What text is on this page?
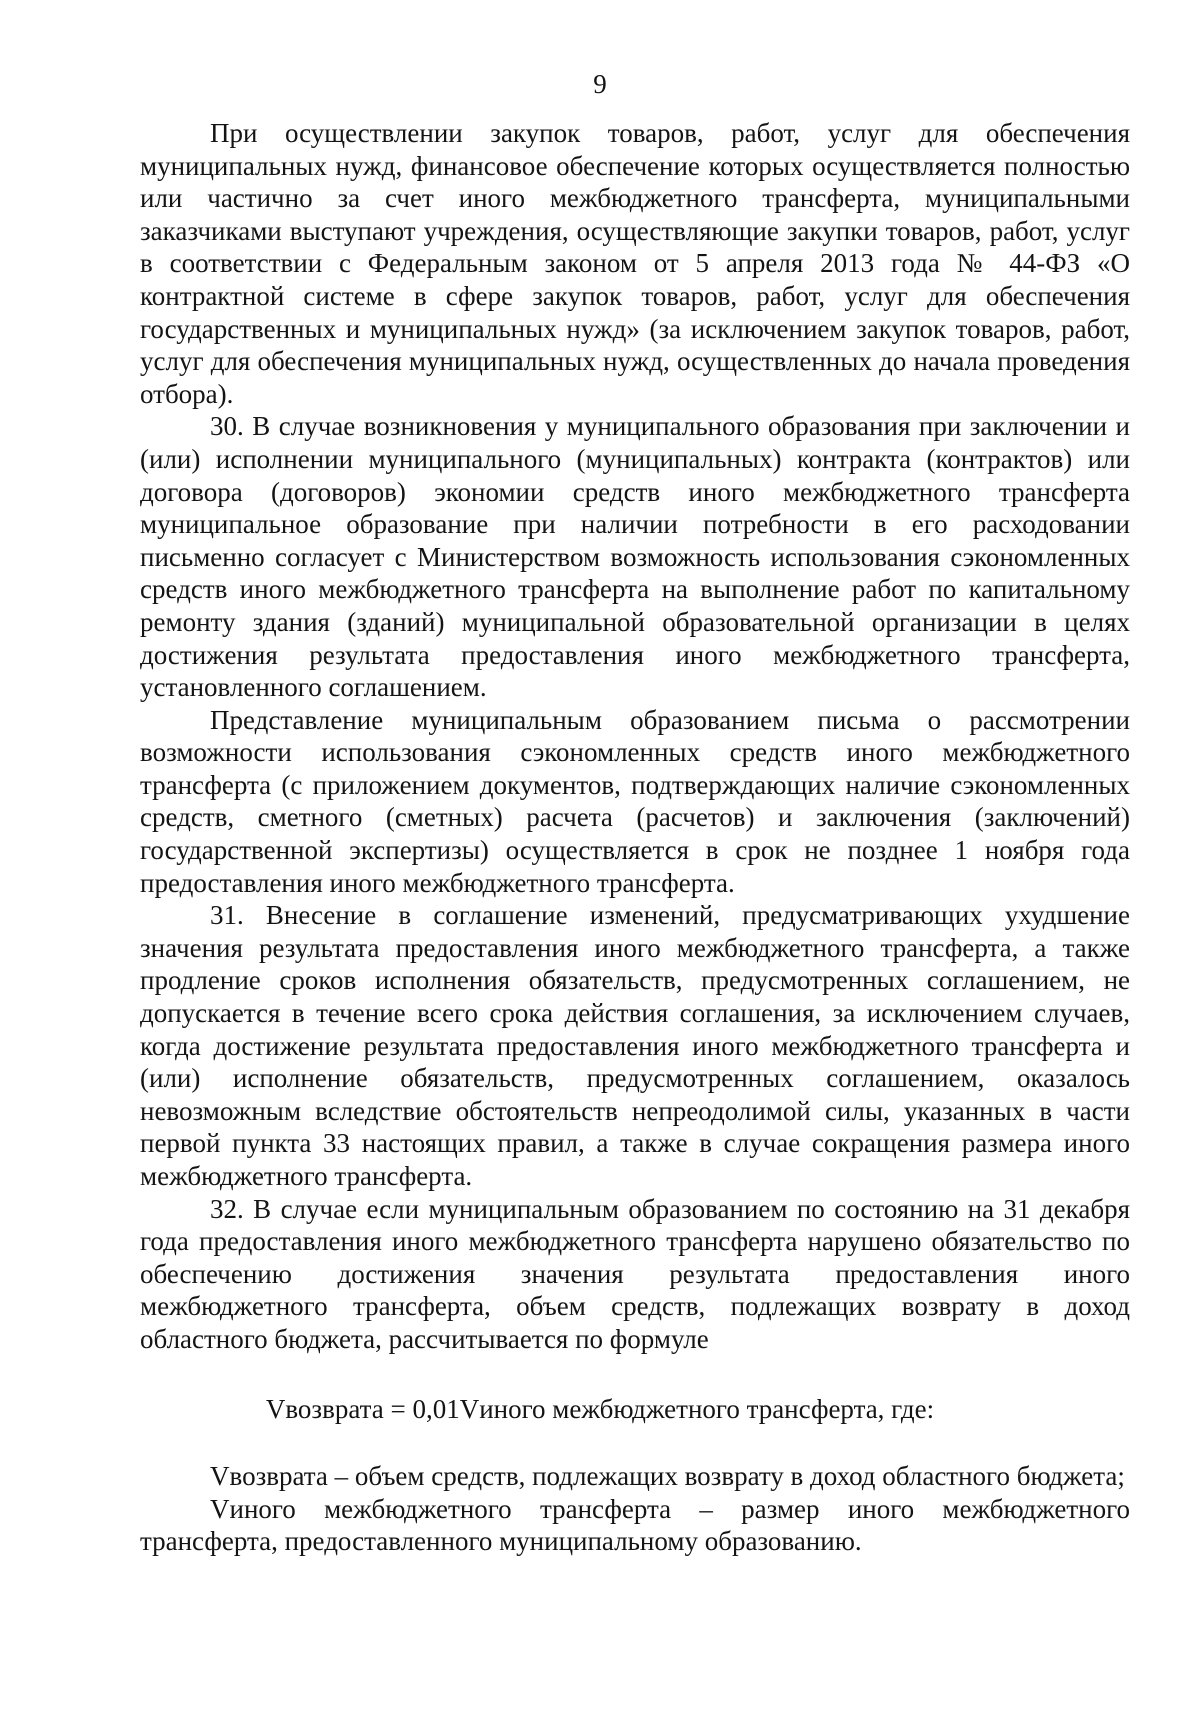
9

При осуществлении закупок товаров, работ, услуг для обеспечения муниципальных нужд, финансовое обеспечение которых осуществляется полностью или частично за счет иного межбюджетного трансферта, муниципальными заказчиками выступают учреждения, осуществляющие закупки товаров, работ, услуг в соответствии с Федеральным законом от 5 апреля 2013 года № 44-ФЗ «О контрактной системе в сфере закупок товаров, работ, услуг для обеспечения государственных и муниципальных нужд» (за исключением закупок товаров, работ, услуг для обеспечения муниципальных нужд, осуществленных до начала проведения отбора).

30. В случае возникновения у муниципального образования при заключении и (или) исполнении муниципального (муниципальных) контракта (контрактов) или договора (договоров) экономии средств иного межбюджетного трансферта муниципальное образование при наличии потребности в его расходовании письменно согласует с Министерством возможность использования сэкономленных средств иного межбюджетного трансферта на выполнение работ по капитальному ремонту здания (зданий) муниципальной образовательной организации в целях достижения результата предоставления иного межбюджетного трансферта, установленного соглашением.

Представление муниципальным образованием письма о рассмотрении возможности использования сэкономленных средств иного межбюджетного трансферта (с приложением документов, подтверждающих наличие сэкономленных средств, сметного (сметных) расчета (расчетов) и заключения (заключений) государственной экспертизы) осуществляется в срок не позднее 1 ноября года предоставления иного межбюджетного трансферта.

31. Внесение в соглашение изменений, предусматривающих ухудшение значения результата предоставления иного межбюджетного трансферта, а также продление сроков исполнения обязательств, предусмотренных соглашением, не допускается в течение всего срока действия соглашения, за исключением случаев, когда достижение результата предоставления иного межбюджетного трансферта и (или) исполнение обязательств, предусмотренных соглашением, оказалось невозможным вследствие обстоятельств непреодолимой силы, указанных в части первой пункта 33 настоящих правил, а также в случае сокращения размера иного межбюджетного трансферта.

32. В случае если муниципальным образованием по состоянию на 31 декабря года предоставления иного межбюджетного трансферта нарушено обязательство по обеспечению достижения значения результата предоставления иного межбюджетного трансферта, объем средств, подлежащих возврату в доход областного бюджета, рассчитывается по формуле

Vвозврата = 0,01Vиного межбюджетного трансферта, где:

Vвозврата – объем средств, подлежащих возврату в доход областного бюджета;

Vиного межбюджетного трансферта – размер иного межбюджетного трансферта, предоставленного муниципальному образованию.
